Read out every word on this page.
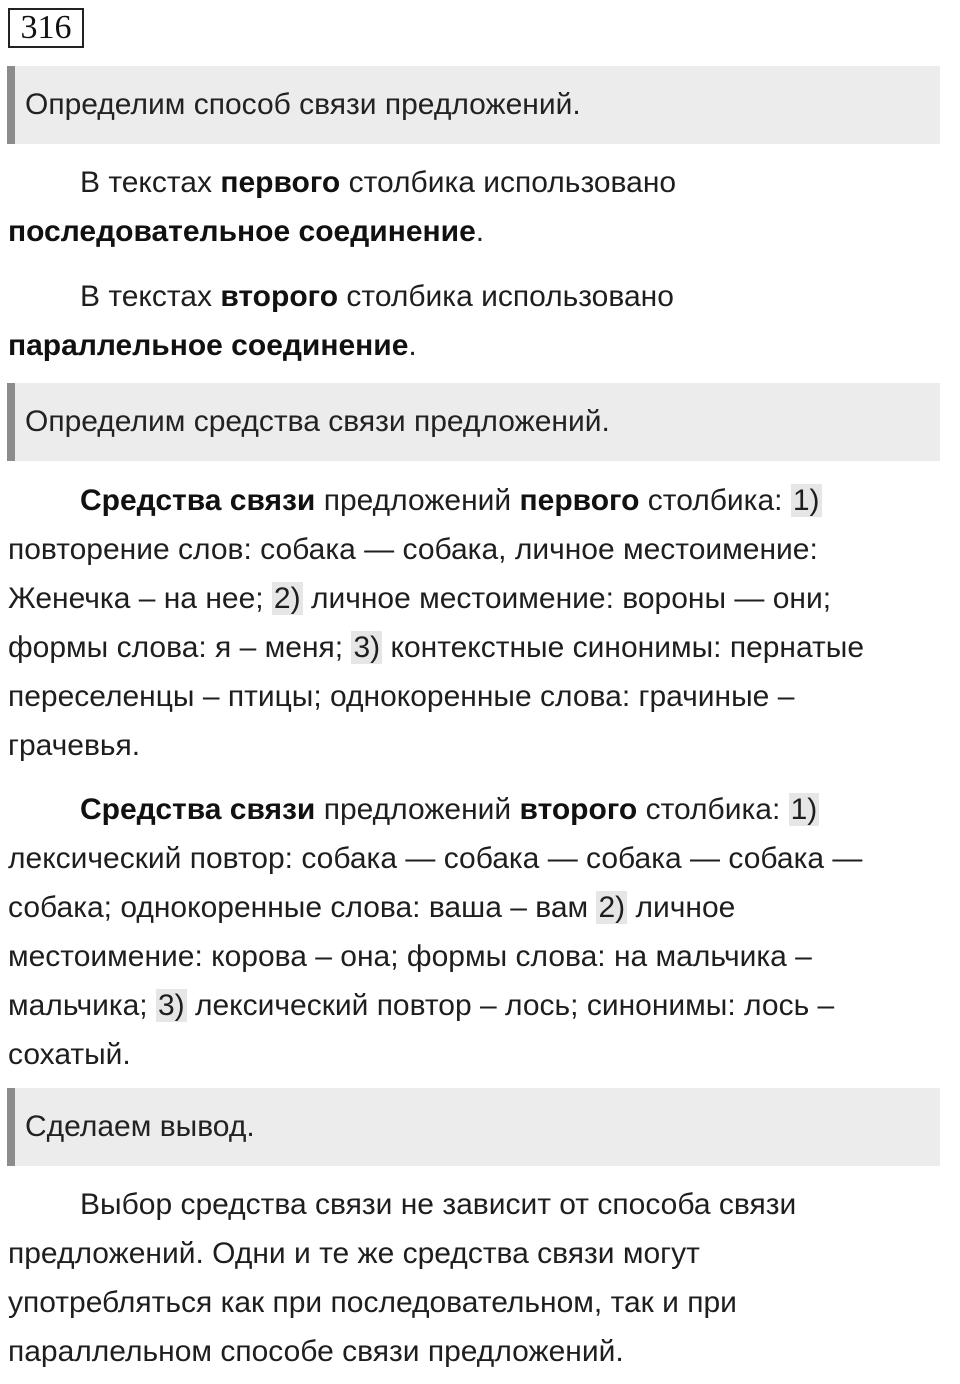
316
Определим способ связи предложений.

В текстах первого столбика использовано
последовательное соединение.

В текстах второго столбика использовано
параллельное соединение.

Определим средства связи предложений.

Средства связи предложений первого столбика: 1)
повторение слов: собака — собака, личное местоимение:
Женечка – на нее; 2) личное местоимение: вороны — они;
формы слова: я – меня; 3) контекстные синонимы: пернатые
переселенцы – птицы; однокоренные слова: грачиные –
грачевья.

Средства связи предложений второго столбика: 1)
лексический повтор: собака — собака — собака — собака —
собака; однокоренные слова: ваша – вам 2) личное
местоимение: корова – она; формы слова: на мальчика –
мальчика; 3) лексический повтор – лось; синонимы: лось –
сохатый.

Сделаем вывод.

Выбор средства связи не зависит от способа связи
предложений. Одни и те же средства связи могут
употребляться как при последовательном, так и при
параллельном способе связи предложений.
